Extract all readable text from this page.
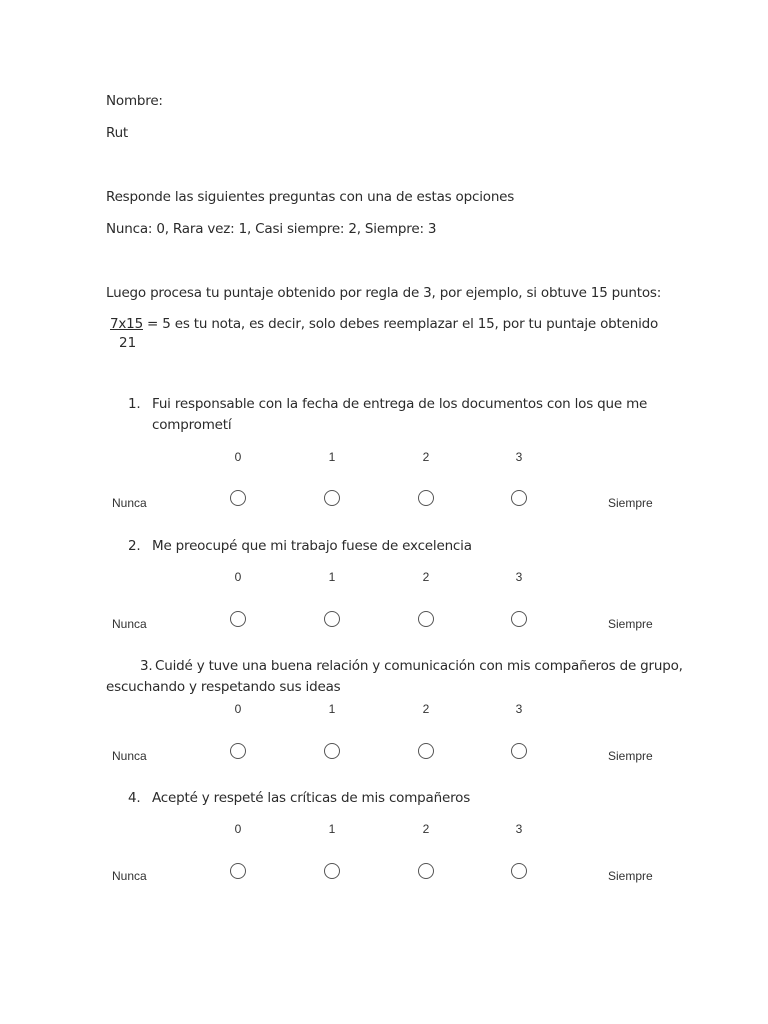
Nombre:
Rut
Responde las siguientes preguntas con una de estas opciones
Nunca: 0, Rara vez: 1, Casi siempre: 2, Siempre: 3
Luego procesa tu puntaje obtenido por regla de 3, por ejemplo, si obtuve 15 puntos:
7x15 = 5 es tu nota, es decir, solo debes reemplazar el 15, por tu puntaje obtenido
21
1. Fui responsable con la fecha de entrega de los documentos con los que me
comprometí
0	1	2	3
Nunca	Siempre
2. Me preocupé que mi trabajo fuese de excelencia
0	1	2	3
Nunca	Siempre
3. Cuidé y tuve una buena relación y comunicación con mis compañeros de grupo,
escuchando y respetando sus ideas
0	1	2	3
Nunca	Siempre
4. Acepté y respeté las críticas de mis compañeros
0	1	2	3
Nunca	Siempre
